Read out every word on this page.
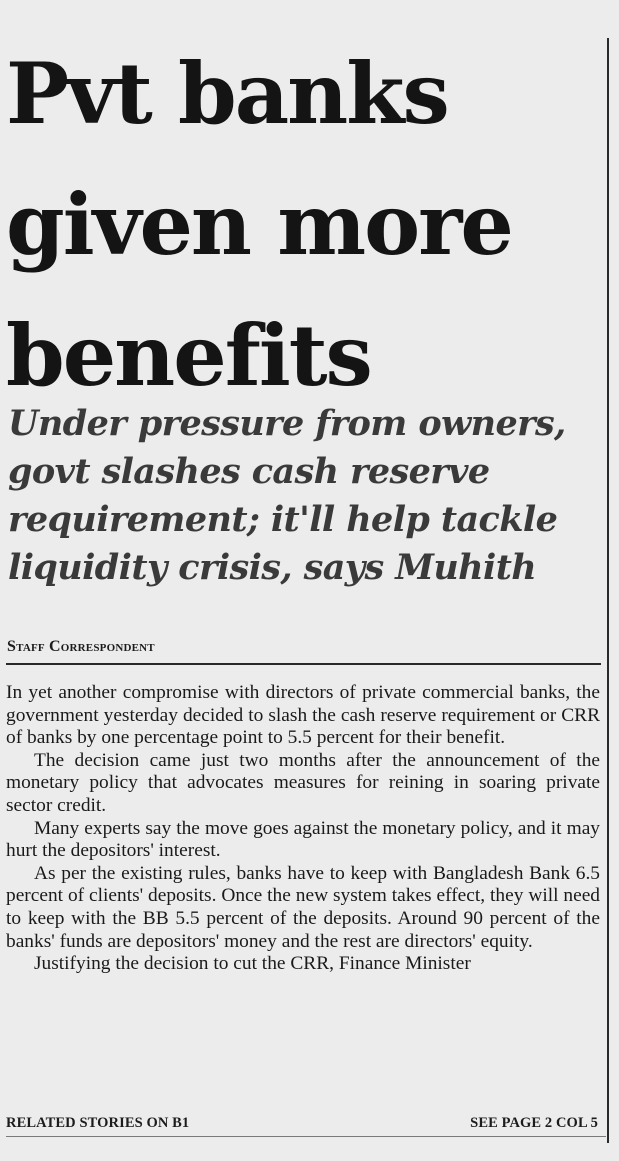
Pvt banks
given more
benefits
Under pressure from owners,
govt slashes cash reserve
requirement; it'll help tackle
liquidity crisis, says Muhith
Staff Correspondent

In yet another compromise with directors of private commercial banks, the government yesterday decided to slash the cash reserve requirement or CRR of banks by one percentage point to 5.5 percent for their benefit.

The decision came just two months after the announcement of the monetary policy that advocates measures for reining in soaring private sector credit.

Many experts say the move goes against the monetary policy, and it may hurt the depositors' interest.

As per the existing rules, banks have to keep with Bangladesh Bank 6.5 percent of clients' deposits. Once the new system takes effect, they will need to keep with the BB 5.5 percent of the deposits. Around 90 percent of the banks' funds are depositors' money and the rest are directors' equity.

Justifying the decision to cut the CRR, Finance Minister

RELATED STORIES ON B1	SEE PAGE 2 COL 5
